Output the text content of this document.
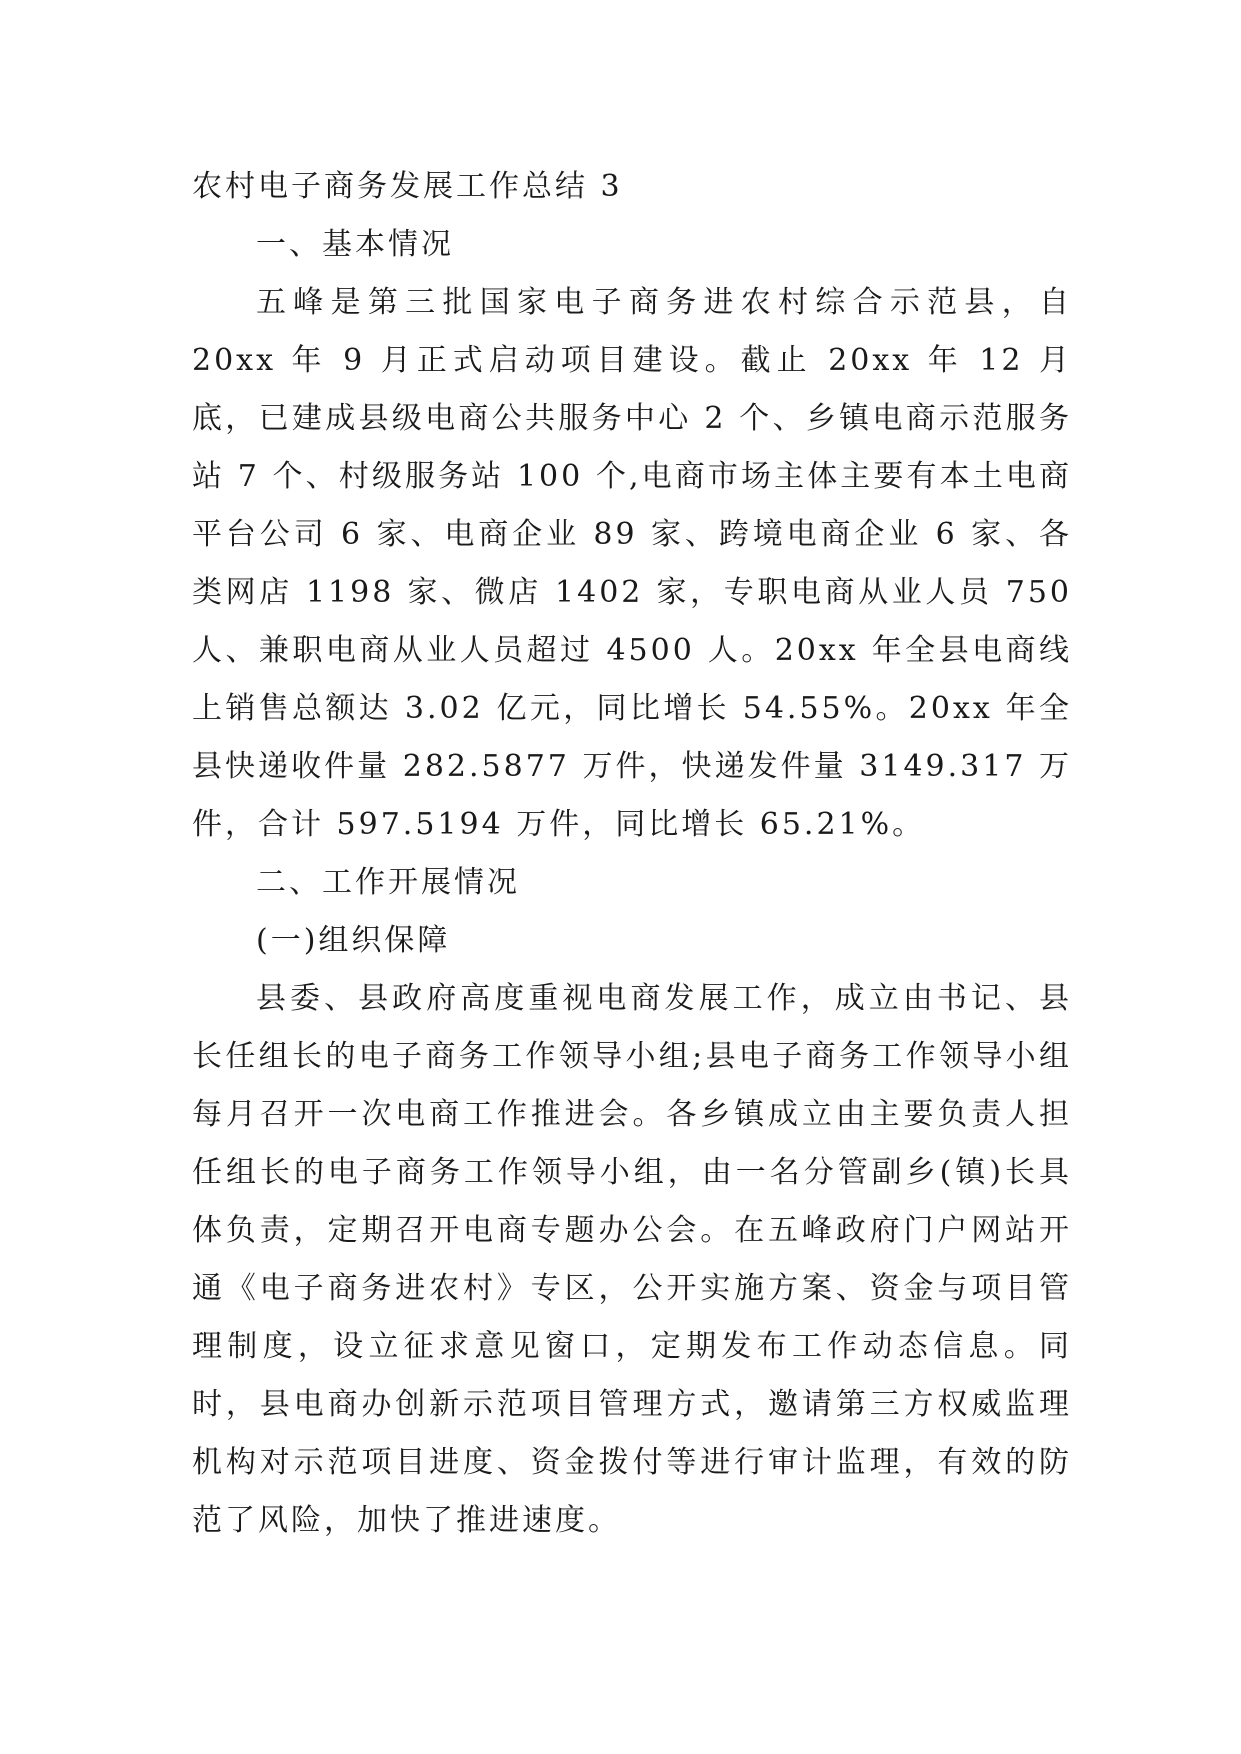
农村电子商务发展工作总结 3
一、基本情况

五峰是第三批国家电子商务进农村综合示范县，自 20xx 年 9 月正式启动项目建设。截止 20xx 年 12 月底，已建成县级电商公共服务中心 2 个、乡镇电商示范服务站 7 个、村级服务站 100 个,电商市场主体主要有本土电商平台公司 6 家、电商企业 89 家、跨境电商企业 6 家、各类网店 1198 家、微店 1402 家，专职电商从业人员 750 人、兼职电商从业人员超过 4500 人。20xx 年全县电商线上销售总额达 3.02 亿元，同比增长 54.55%。20xx 年全县快递收件量 282.5877 万件，快递发件量 3149.317 万件，合计 597.5194 万件，同比增长 65.21%。

二、工作开展情况
(一)组织保障

县委、县政府高度重视电商发展工作，成立由书记、县长任组长的电子商务工作领导小组;县电子商务工作领导小组每月召开一次电商工作推进会。各乡镇成立由主要负责人担任组长的电子商务工作领导小组，由一名分管副乡(镇)长具体负责，定期召开电商专题办公会。在五峰政府门户网站开通《电子商务进农村》专区，公开实施方案、资金与项目管理制度，设立征求意见窗口，定期发布工作动态信息。同时，县电商办创新示范项目管理方式，邀请第三方权威监理机构对示范项目进度、资金拨付等进行审计监理，有效的防范了风险，加快了推进速度。
